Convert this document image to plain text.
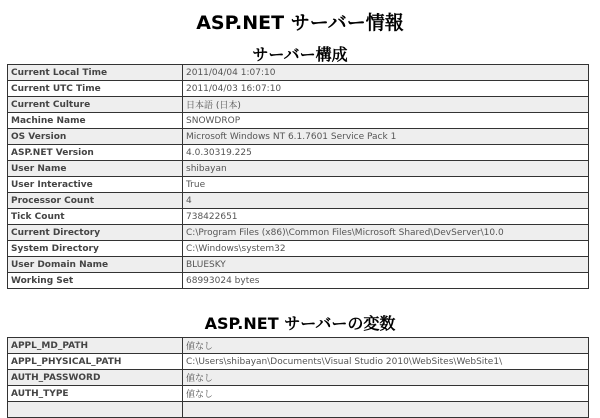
ASP.NET サーバー情報
サーバー構成
Current Local Time	2011/04/04 1:07:10
Current UTC Time	2011/04/03 16:07:10
Current Culture	日本語 (日本)
Machine Name	SNOWDROP
OS Version	Microsoft Windows NT 6.1.7601 Service Pack 1
ASP.NET Version	4.0.30319.225
User Name	shibayan
User Interactive	True
Processor Count	4
Tick Count	738422651
Current Directory	C:\Program Files (x86)\Common Files\Microsoft Shared\DevServer\10.0
System Directory	C:\Windows\system32
User Domain Name	BLUESKY
Working Set	68993024 bytes
ASP.NET サーバーの変数
APPL_MD_PATH	値なし
APPL_PHYSICAL_PATH	C:\Users\shibayan\Documents\Visual Studio 2010\WebSites\WebSite1\
AUTH_PASSWORD	値なし
AUTH_TYPE	値なし
